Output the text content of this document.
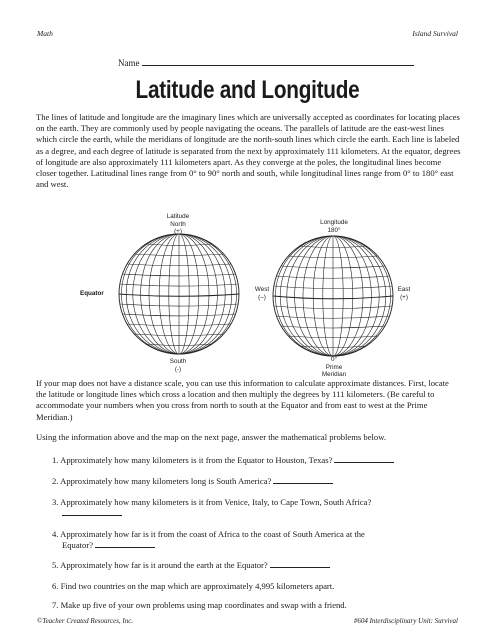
Math	Island Survival
Name
Latitude and Longitude

The lines of latitude and longitude are the imaginary lines which are universally accepted as coordinates for locating places on the earth. They are commonly used by people navigating the oceans. The parallels of latitude are the east-west lines which circle the earth, while the meridians of longitude are the north-south lines which circle the earth. Each line is labeled as a degree, and each degree of latitude is separated from the next by approximately 111 kilometers. At the equator, degrees of longitude are also approximately 111 kilometers apart. As they converge at the poles, the longitudinal lines become closer together. Latitudinal lines range from 0° to 90° north and south, while longitudinal lines range from 0° to 180° east and west.

Latitude
North
(+)
Equator
South
(-)
Longitude
180°
West
(–)
East
(+)
0°
Prime
Meridian

If your map does not have a distance scale, you can use this information to calculate approximate distances. First, locate the latitude or longitude lines which cross a location and then multiply the degrees by 111 kilometers. (Be careful to accommodate your numbers when you cross from north to south at the Equator and from east to west at the Prime Meridian.)

Using the information above and the map on the next page, answer the mathematical problems below.

1. Approximately how many kilometers is it from the Equator to Houston, Texas?

2. Approximately how many kilometers long is South America?

3. Approximately how many kilometers is it from Venice, Italy, to Cape Town, South Africa?

4. Approximately how far is it from the coast of Africa to the coast of South America at the
Equator?

5. Approximately how far is it around the earth at the Equator?

6. Find two countries on the map which are approximately 4,995 kilometers apart.

7. Make up five of your own problems using map coordinates and swap with a friend.

©Teacher Created Resources, Inc.	#604 Interdisciplinary Unit: Survival
